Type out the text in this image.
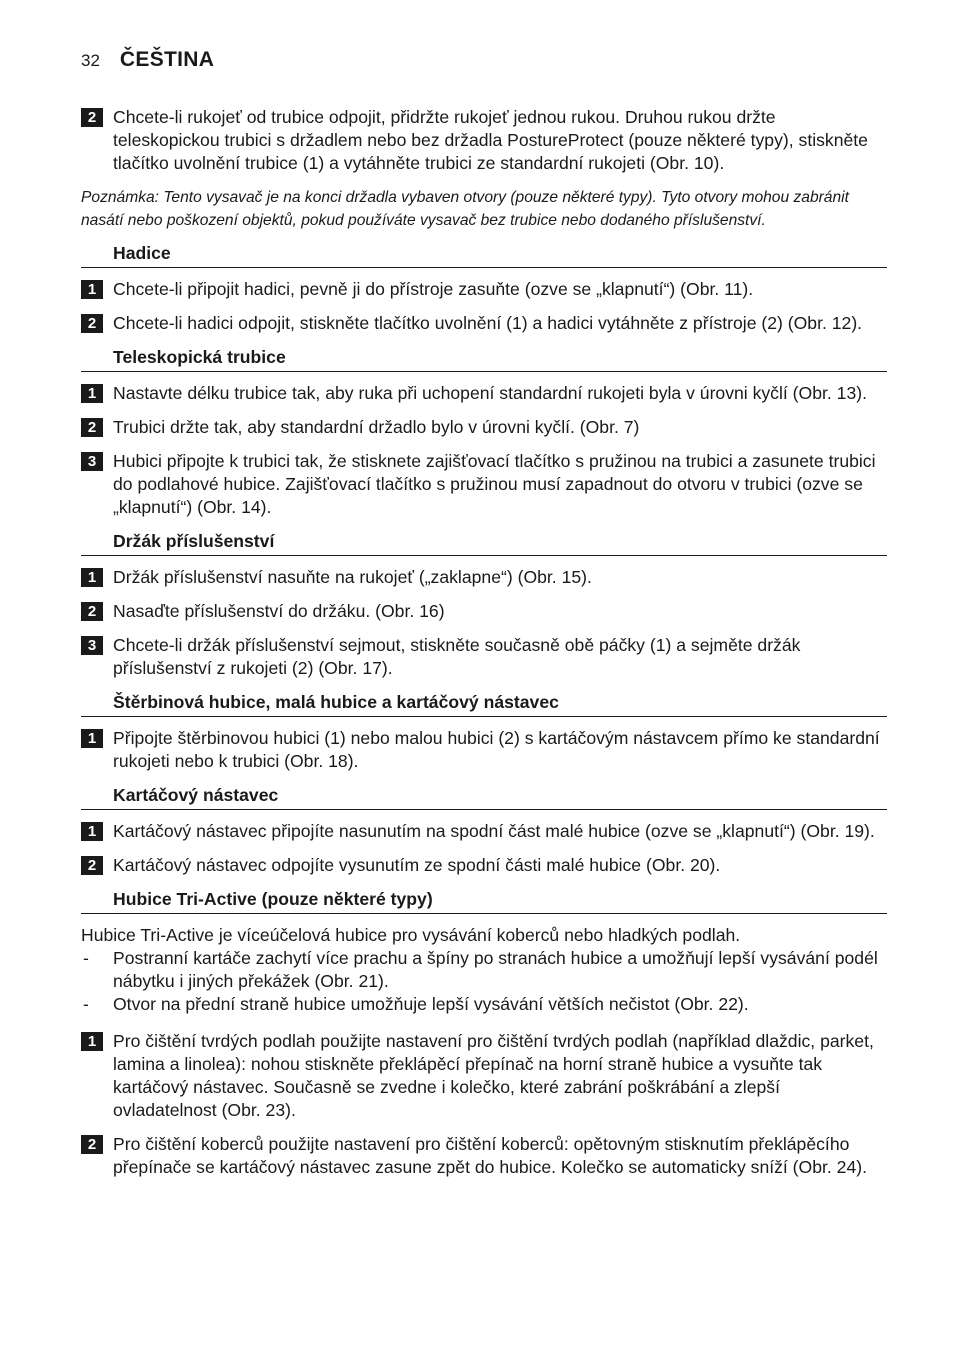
32 ČEŠTINA
2 Chcete-li rukojeť od trubice odpojit, přidržte rukojeť jednou rukou. Druhou rukou držte teleskopickou trubici s držadlem nebo bez držadla PostureProtect (pouze některé typy), stiskněte tlačítko uvolnění trubice (1) a vytáhněte trubici ze standardní rukojeti (Obr. 10).
Poznámka: Tento vysavač je na konci držadla vybaven otvory (pouze některé typy). Tyto otvory mohou zabránit nasátí nebo poškození objektů, pokud používáte vysavač bez trubice nebo dodaného příslušenství.
Hadice
1 Chcete-li připojit hadici, pevně ji do přístroje zasuňte (ozve se „klapnutí“) (Obr. 11).
2 Chcete-li hadici odpojit, stiskněte tlačítko uvolnění (1) a hadici vytáhněte z přístroje (2) (Obr. 12).
Teleskopická trubice
1 Nastavte délku trubice tak, aby ruka při uchopení standardní rukojeti byla v úrovni kyčlí (Obr. 13).
2 Trubici držte tak, aby standardní držadlo bylo v úrovni kyčlí. (Obr. 7)
3 Hubici připojte k trubici tak, že stisknete zajišťovací tlačítko s pružinou na trubici a zasunete trubici do podlahové hubice. Zajišťovací tlačítko s pružinou musí zapadnout do otvoru v trubici (ozve se „klapnutí“) (Obr. 14).
Držák příslušenství
1 Držák příslušenství nasuňte na rukojeť („zaklapne“) (Obr. 15).
2 Nasaďte příslušenství do držáku. (Obr. 16)
3 Chcete-li držák příslušenství sejmout, stiskněte současně obě páčky (1) a sejměte držák příslušenství z rukojeti (2) (Obr. 17).
Štěrbinová hubice, malá hubice a kartáčový nástavec
1 Připojte štěrbinovou hubici (1) nebo malou hubici (2) s kartáčovým nástavcem přímo ke standardní rukojeti nebo k trubici (Obr. 18).
Kartáčový nástavec
1 Kartáčový nástavec připojíte nasunutím na spodní část malé hubice (ozve se „klapnutí“) (Obr. 19).
2 Kartáčový nástavec odpojíte vysunutím ze spodní části malé hubice (Obr. 20).
Hubice Tri-Active (pouze některé typy)
Hubice Tri-Active je víceúčelová hubice pro vysávání koberců nebo hladkých podlah.
- Postranní kartáče zachytí více prachu a špíny po stranách hubice a umožňují lepší vysávání podél nábytku i jiných překážek (Obr. 21).
- Otvor na přední straně hubice umožňuje lepší vysávání větších nečistot (Obr. 22).
1 Pro čištění tvrdých podlah použijte nastavení pro čištění tvrdých podlah (například dlaždic, parket, lamina a linolea): nohou stiskněte překlápěcí přepínač na horní straně hubice a vysuňte tak kartáčový nástavec. Současně se zvedne i kolečko, které zabrání poškrábání a zlepší ovladatelnost (Obr. 23).
2 Pro čištění koberců použijte nastavení pro čištění koberců: opětovným stisknutím překlápěcího přepínače se kartáčový nástavec zasune zpět do hubice. Kolečko se automaticky sníží (Obr. 24).
